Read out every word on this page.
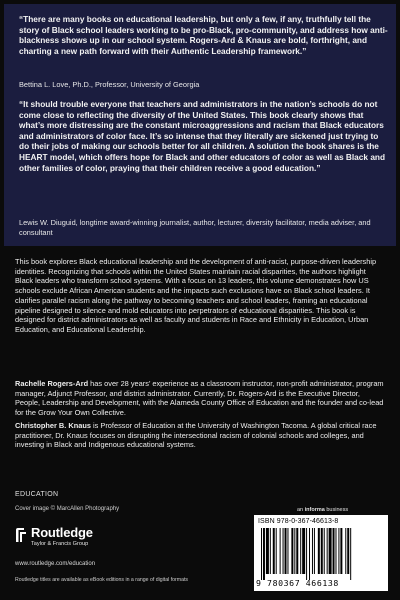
“There are many books on educational leadership, but only a few, if any, truthfully tell the story of Black school leaders working to be pro-Black, pro-community, and address how anti-blackness shows up in our school system. Rogers-Ard & Knaus are bold, forthright, and charting a new path forward with their Authentic Leadership framework.”

Bettina L. Love, Ph.D., Professor, University of Georgia

“It should trouble everyone that teachers and administrators in the nation’s schools do not come close to reflecting the diversity of the United States. This book clearly shows that what’s more distressing are the constant microaggressions and racism that Black educators and administrators of color face. It’s so intense that they literally are sickened just trying to do their jobs of making our schools better for all children. A solution the book shares is the HEART model, which offers hope for Black and other educators of color as well as Black and other families of color, praying that their children receive a good education.”

Lewis W. Diuguid, longtime award-winning journalist, author, lecturer, diversity facilitator, media adviser, and consultant

This book explores Black educational leadership and the development of anti-racist, purpose-driven leadership identities. Recognizing that schools within the United States maintain racial disparities, the authors highlight Black leaders who transform school systems. With a focus on 13 leaders, this volume demonstrates how US schools exclude African American students and the impacts such exclusions have on Black school leaders. It clarifies parallel racism along the pathway to becoming teachers and school leaders, framing an educational pipeline designed to silence and mold educators into perpetrators of educational disparities. This book is designed for district administrators as well as faculty and students in Race and Ethnicity in Education, Urban Education, and Educational Leadership.

Rachelle Rogers-Ard has over 28 years’ experience as a classroom instructor, non-profit administrator, program manager, Adjunct Professor, and district administrator. Currently, Dr. Rogers-Ard is the Executive Director, People, Leadership and Development, with the Alameda County Office of Education and the founder and co-lead for the Grow Your Own Collective.

Christopher B. Knaus is Professor of Education at the University of Washington Tacoma. A global critical race practitioner, Dr. Knaus focuses on disrupting the intersectional racism of colonial schools and colleges, and investing in Black and Indigenous educational systems.

EDUCATION
Cover image © MarcAllen Photography
Routledge
Taylor & Francis Group
www.routledge.com/education
Routledge titles are available as eBook editions in a range of digital formats
an informa business
ISBN 978-0-367-46613-8
9 780367 466138
